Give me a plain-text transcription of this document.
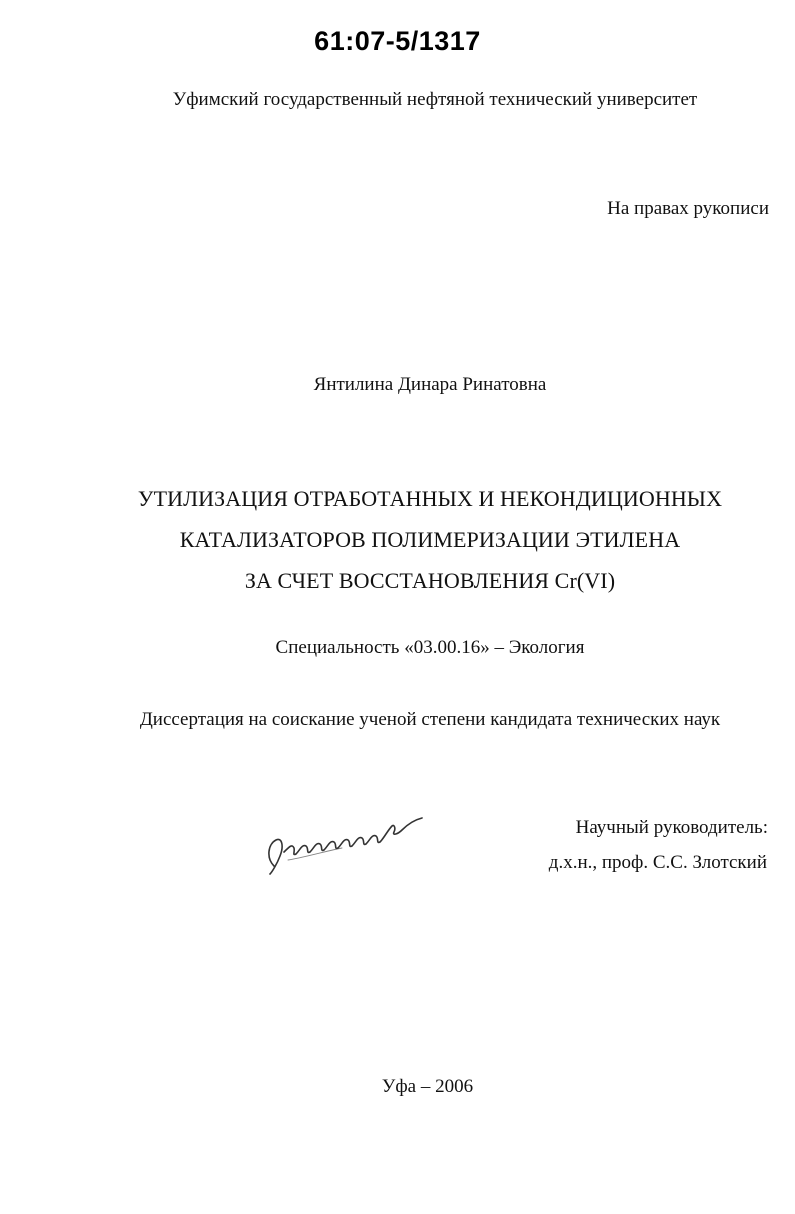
61:07-5/1317
Уфимский государственный нефтяной технический университет
На правах рукописи
Янтилина Динара Ринатовна
УТИЛИЗАЦИЯ ОТРАБОТАННЫХ И НЕКОНДИЦИОННЫХ
КАТАЛИЗАТОРОВ ПОЛИМЕРИЗАЦИИ ЭТИЛЕНА
ЗА СЧЕТ ВОССТАНОВЛЕНИЯ Cr(VI)
Специальность «03.00.16» – Экология
Диссертация на соискание ученой степени кандидата технических наук
Научный руководитель:
д.х.н., проф. С.С. Злотский
Уфа – 2006
